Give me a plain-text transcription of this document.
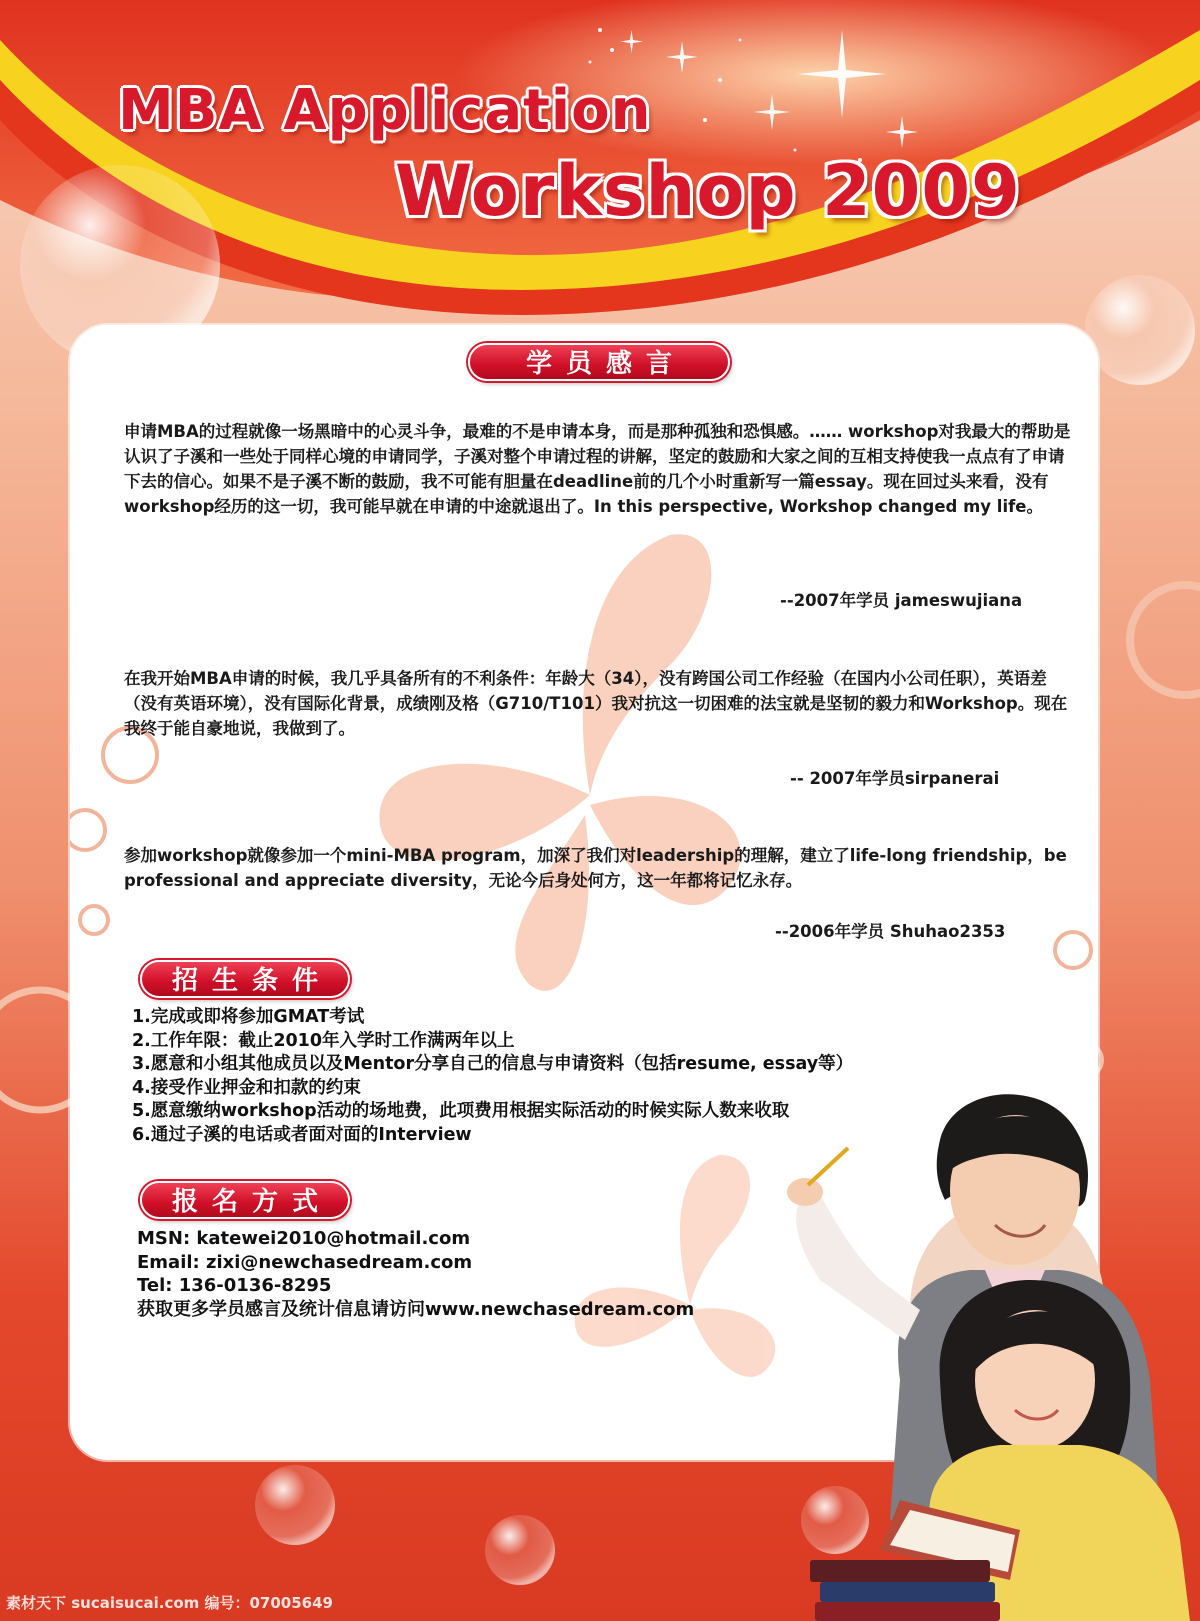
MBA Application
Workshop 2009
学员感言
申请MBA的过程就像一场黑暗中的心灵斗争，最难的不是申请本身，而是那种孤独和恐惧感。…… workshop对我最大的帮助是认识了子溪和一些处于同样心境的申请同学，子溪对整个申请过程的讲解，坚定的鼓励和大家之间的互相支持使我一点点有了申请下去的信心。如果不是子溪不断的鼓励，我不可能有胆量在deadline前的几个小时重新写一篇essay。现在回过头来看，没有workshop经历的这一切，我可能早就在申请的中途就退出了。In this perspective, Workshop changed my life。
--2007年学员 jameswujiana
在我开始MBA申请的时候，我几乎具备所有的不利条件：年龄大（34），没有跨国公司工作经验（在国内小公司任职），英语差（没有英语环境），没有国际化背景，成绩刚及格（G710/T101）我对抗这一切困难的法宝就是坚韧的毅力和Workshop。现在我终于能自豪地说，我做到了。
-- 2007年学员sirpanerai
参加workshop就像参加一个mini-MBA program，加深了我们对leadership的理解，建立了life-long friendship，be professional and appreciate diversity，无论今后身处何方，这一年都将记忆永存。
--2006年学员 Shuhao2353
招生条件
1.完成或即将参加GMAT考试
2.工作年限：截止2010年入学时工作满两年以上
3.愿意和小组其他成员以及Mentor分享自己的信息与申请资料（包括resume, essay等）
4.接受作业押金和扣款的约束
5.愿意缴纳workshop活动的场地费，此项费用根据实际活动的时候实际人数来收取
6.通过子溪的电话或者面对面的Interview
报名方式
MSN: katewei2010@hotmail.com
Email: zixi@newchasedream.com
Tel: 136-0136-8295
获取更多学员感言及统计信息请访问www.newchasedream.com
素材天下 sucaisucai.com 编号：07005649
